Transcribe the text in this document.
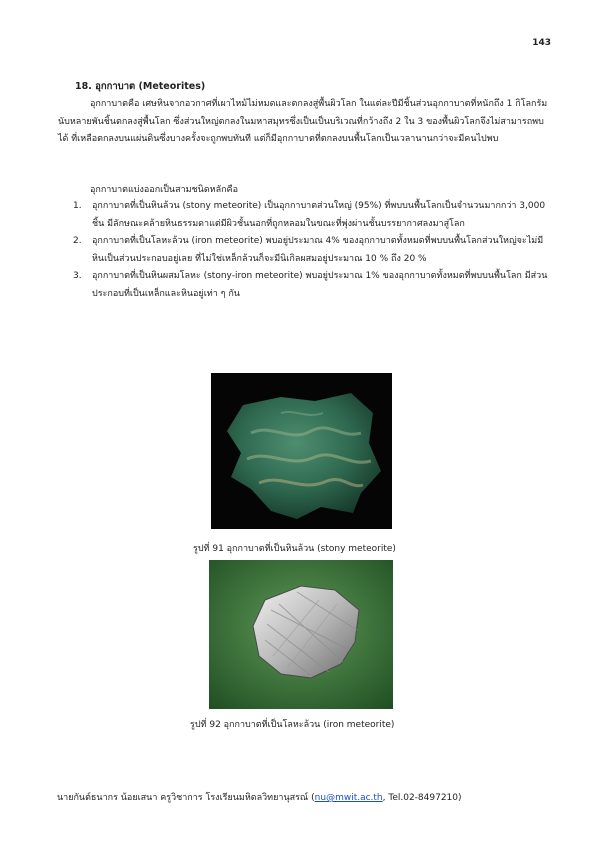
143
18. อุกกาบาต (Meteorites)
อุกกาบาตคือ เศษหินจากอวกาศที่เผาไหม้ไม่หมดและตกลงสู่พื้นผิวโลก ในแต่ละปีมีชิ้นส่วนอุกกาบาตที่หนักถึง 1 กิโลกรัมนับหลายพันชิ้นตกลงสู่พื้นโลก ซึ่งส่วนใหญ่ตกลงในมหาสมุทรซึ่งเป็นเป็นบริเวณที่กว้างถึง 2 ใน 3 ของพื้นผิวโลกจึงไม่สามารถพบได้ ที่เหลือตกลงบนแผ่นดินซึ่งบางครั้งจะถูกพบทันที แต่ก็มีอุกกาบาตที่ตกลงบนพื้นโลกเป็นเวลานานกว่าจะมีคนไปพบ
อุกกาบาตแบ่งออกเป็นสามชนิดหลักคือ
1. อุกกาบาตที่เป็นหินล้วน (stony meteorite) เป็นอุกกาบาตส่วนใหญ่ (95%) ที่พบบนพื้นโลกเป็นจำนวนมากกว่า 3,000 ชิ้น มีลักษณะคล้ายหินธรรมดาแต่มีผิวชั้นนอกที่ถูกหลอมในขณะที่พุ่งผ่านชั้นบรรยากาศลงมาสู่โลก
2. อุกกาบาตที่เป็นโลหะล้วน (iron meteorite) พบอยู่ประมาณ 4% ของอุกกาบาตทั้งหมดที่พบบนพื้นโลกส่วนใหญ่จะไม่มีหินเป็นส่วนประกอบอยู่เลย ที่ไม่ใช่เหล็กล้วนก็จะมีนิเกิลผสมอยู่ประมาณ 10 % ถึง 20 %
3. อุกกาบาตที่เป็นหินผสมโลหะ (stony-iron meteorite) พบอยู่ประมาณ 1% ของอุกกาบาตทั้งหมดที่พบบนพื้นโลก มีส่วนประกอบที่เป็นเหล็กและหินอยู่เท่า ๆ กัน
รูปที่ 91 อุกกาบาตที่เป็นหินล้วน (stony meteorite)
รูปที่ 92 อุกกาบาตที่เป็นโลหะล้วน (iron meteorite)
นายกันต์ธนากร น้อยเสนา ครูวิชาการ โรงเรียนมหิดลวิทยานุสรณ์ (nu@mwit.ac.th, Tel.02-8497210)
